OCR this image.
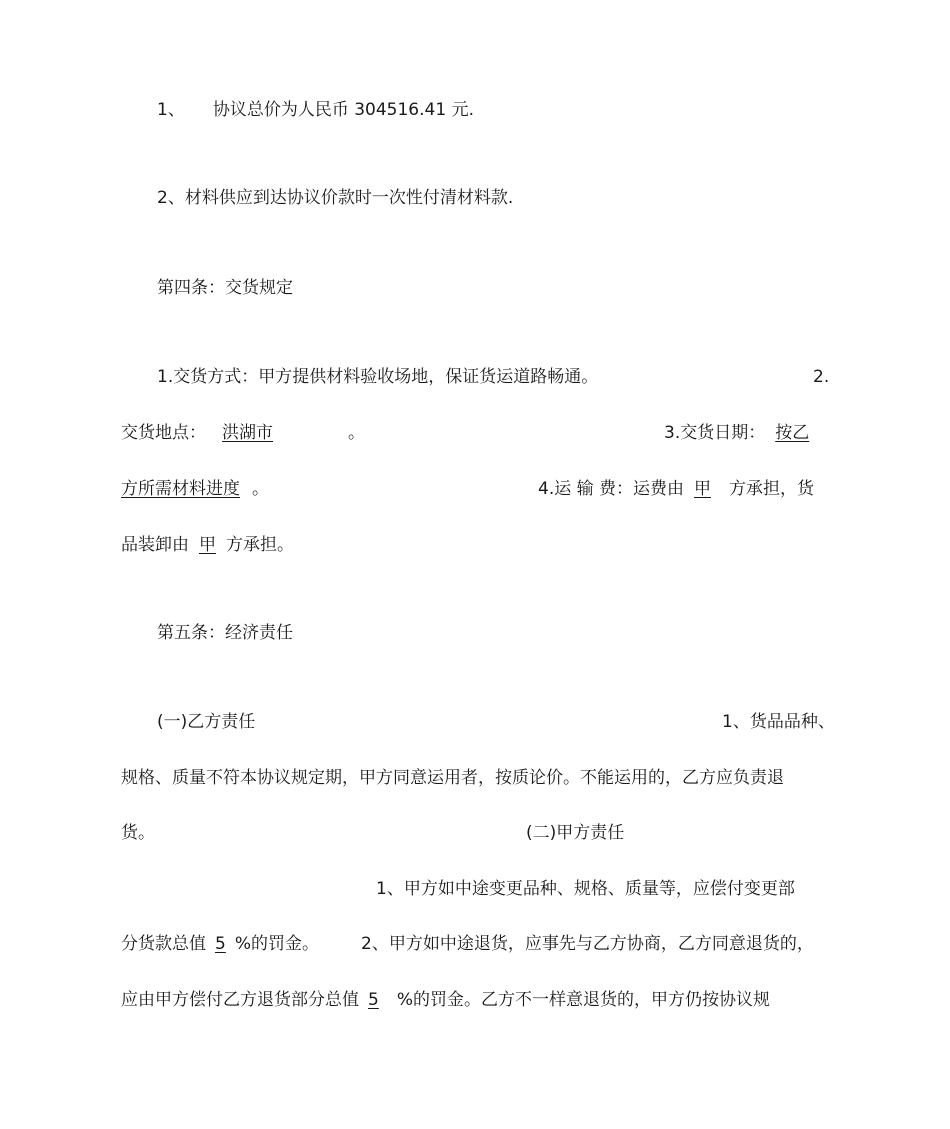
1、 协议总价为人民币 304516.41 元.
2、材料供应到达协议价款时一次性付清材料款.
第四条：交货规定
1.交货方式：甲方提供材料验收场地，保证货运道路畅通。	2.
交货地点： 洪湖市	。	3.交货日期： 按乙
方所需材料进度 。	4.运 输 费：运费由 甲 方承担，货
品装卸由 甲 方承担。
第五条：经济责任
(一)乙方责任	1、货品品种、
规格、质量不符本协议规定期，甲方同意运用者，按质论价。不能运用的，乙方应负责退
货。	(二)甲方责任
1、甲方如中途变更品种、规格、质量等，应偿付变更部
分货款总值 5 %的罚金。 2、甲方如中途退货，应事先与乙方协商，乙方同意退货的，
应由甲方偿付乙方退货部分总值 5 %的罚金。乙方不一样意退货的，甲方仍按协议规
